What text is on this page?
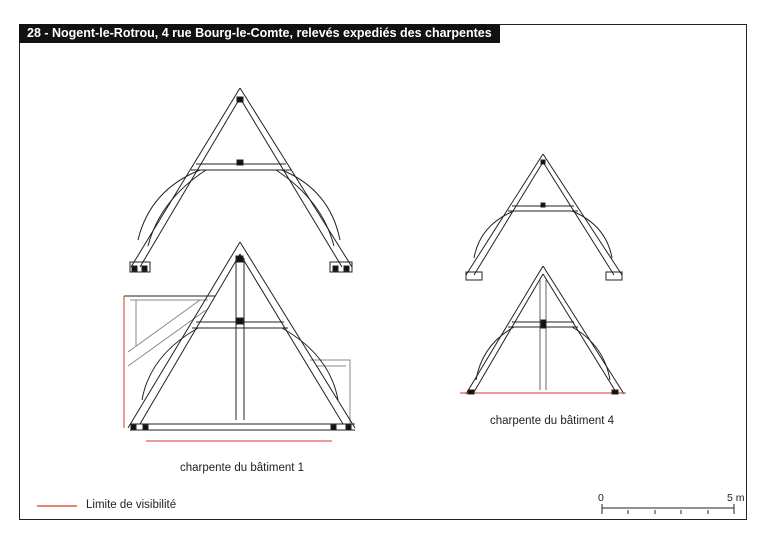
28 - Nogent-le-Rotrou, 4 rue Bourg-le-Comte, relevés expediés des charpentes
charpente du bâtiment 1
charpente du bâtiment 4
Limite de visibilité
0	5 m
